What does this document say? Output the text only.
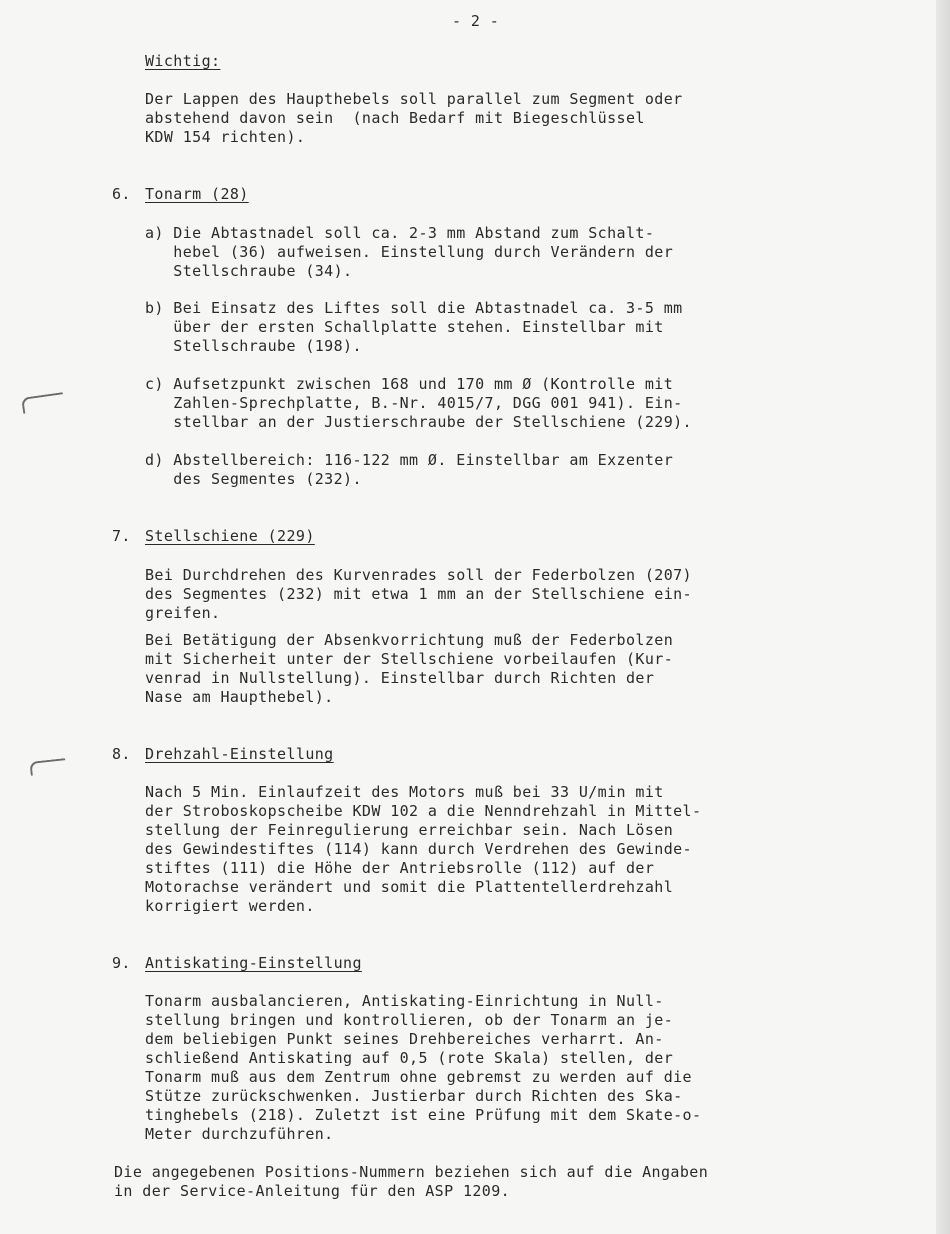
- 2 -
Wichtig:
Der Lappen des Haupthebels soll parallel zum Segment oder
abstehend davon sein  (nach Bedarf mit Biegeschlüssel
KDW 154 richten).
6. Tonarm (28)
a) Die Abtastnadel soll ca. 2-3 mm Abstand zum Schalt-
hebel (36) aufweisen. Einstellung durch Verändern der
Stellschraube (34).
b) Bei Einsatz des Liftes soll die Abtastnadel ca. 3-5 mm
über der ersten Schallplatte stehen. Einstellbar mit
Stellschraube (198).
c) Aufsetzpunkt zwischen 168 und 170 mm Ø (Kontrolle mit
Zahlen-Sprechplatte, B.-Nr. 4015/7, DGG 001 941). Ein-
stellbar an der Justierschraube der Stellschiene (229).
d) Abstellbereich: 116-122 mm Ø. Einstellbar am Exzenter
des Segmentes (232).
7. Stellschiene (229)
Bei Durchdrehen des Kurvenrades soll der Federbolzen (207)
des Segmentes (232) mit etwa 1 mm an der Stellschiene ein-
greifen.
Bei Betätigung der Absenkvorrichtung muß der Federbolzen
mit Sicherheit unter der Stellschiene vorbeilaufen (Kur-
venrad in Nullstellung). Einstellbar durch Richten der
Nase am Haupthebel).
8. Drehzahl-Einstellung
Nach 5 Min. Einlaufzeit des Motors muß bei 33 U/min mit
der Stroboskopscheibe KDW 102 a die Nenndrehzahl in Mittel-
stellung der Feinregulierung erreichbar sein. Nach Lösen
des Gewindestiftes (114) kann durch Verdrehen des Gewinde-
stiftes (111) die Höhe der Antriebsrolle (112) auf der
Motorachse verändert und somit die Plattentellerdrehzahl
korrigiert werden.
9. Antiskating-Einstellung
Tonarm ausbalancieren, Antiskating-Einrichtung in Null-
stellung bringen und kontrollieren, ob der Tonarm an je-
dem beliebigen Punkt seines Drehbereiches verharrt. An-
schließend Antiskating auf 0,5 (rote Skala) stellen, der
Tonarm muß aus dem Zentrum ohne gebremst zu werden auf die
Stütze zurückschwenken. Justierbar durch Richten des Ska-
tinghebels (218). Zuletzt ist eine Prüfung mit dem Skate-o-
Meter durchzuführen.
Die angegebenen Positions-Nummern beziehen sich auf die Angaben
in der Service-Anleitung für den ASP 1209.
